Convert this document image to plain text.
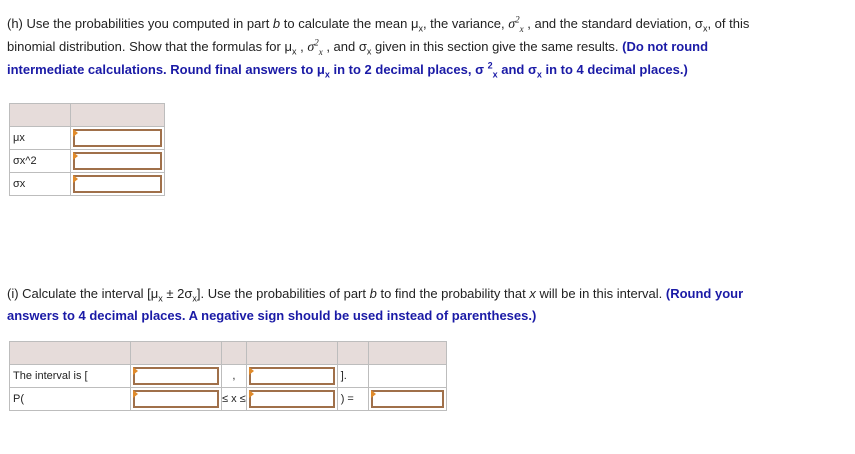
(h) Use the probabilities you computed in part b to calculate the mean $\mu_x$, the variance, $\sigma^2_x$ , and the standard deviation, $\sigma_x$, of this
binomial distribution. Show that the formulas for $\mu_x$ , $\sigma^2_x$ , and $\sigma_x$ given in this section give the same results. (Do not round
intermediate calculations. Round final answers to $\mu_x$ in to 2 decimal places, σ $^2_x$ and $\sigma_x$ in to 4 decimal places.)

μx	

σx^2	

σx	
(i) Calculate the interval $[\mu_x \pm 2\sigma_x]$. Use the probabilities of part b to find the probability that x will be in this interval. (Round your
answers to 4 decimal places. A negative sign should be used instead of parentheses.)

The interval is [		,		].	
P(		≤ x ≤		) =	
